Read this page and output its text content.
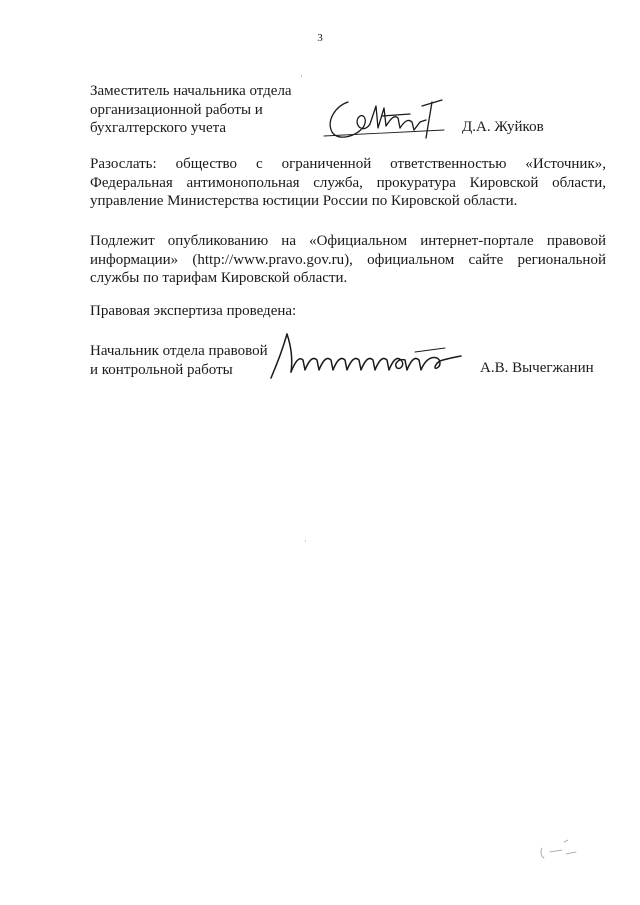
3
Заместитель начальника отдела
организационной работы и
бухгалтерского учета	Д.А. Жуйков
Разослать: общество с ограниченной ответственностью «Источник»,
Федеральная антимонопольная служба, прокуратура Кировской области,
управление Министерства юстиции России по Кировской области.
Подлежит опубликованию на «Официальном интернет-портале правовой
информации» (http://www.pravo.gov.ru), официальном сайте региональной
службы по тарифам Кировской области.
Правовая экспертиза проведена:
Начальник отдела правовой
и контрольной работы	А.В. Вычегжанин
